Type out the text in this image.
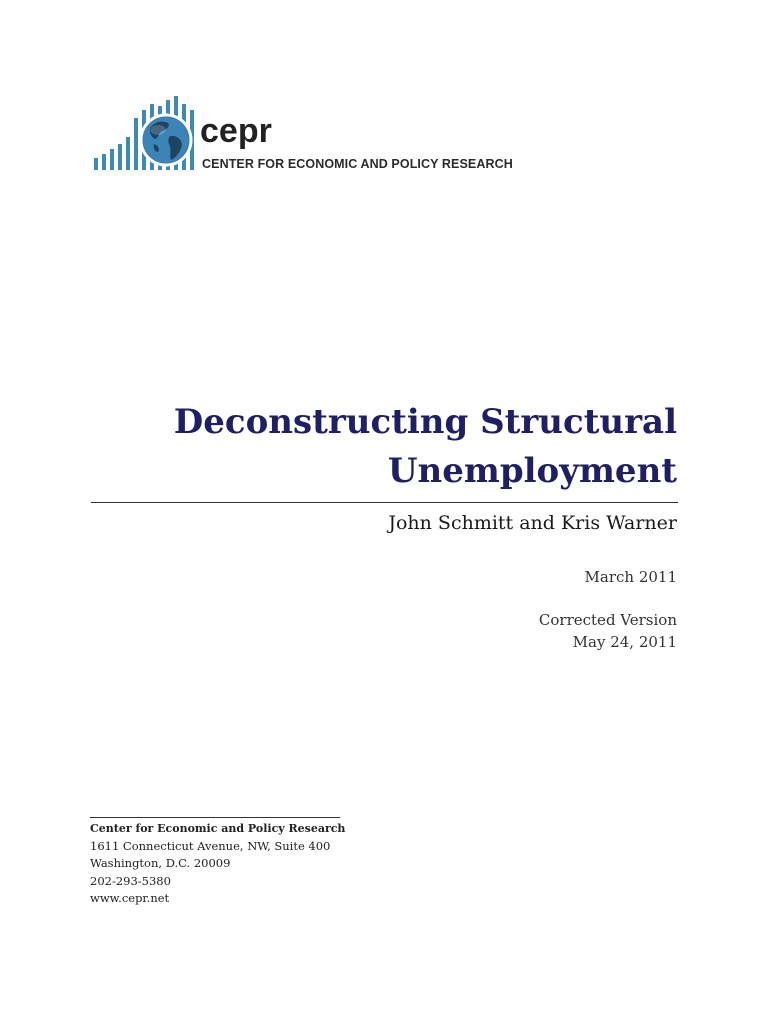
cepr
CENTER FOR ECONOMIC AND POLICY RESEARCH
Deconstructing Structural
Unemployment
John Schmitt and Kris Warner
March 2011
Corrected Version
May 24, 2011
Center for Economic and Policy Research
1611 Connecticut Avenue, NW, Suite 400
Washington, D.C. 20009
202-293-5380
www.cepr.net
